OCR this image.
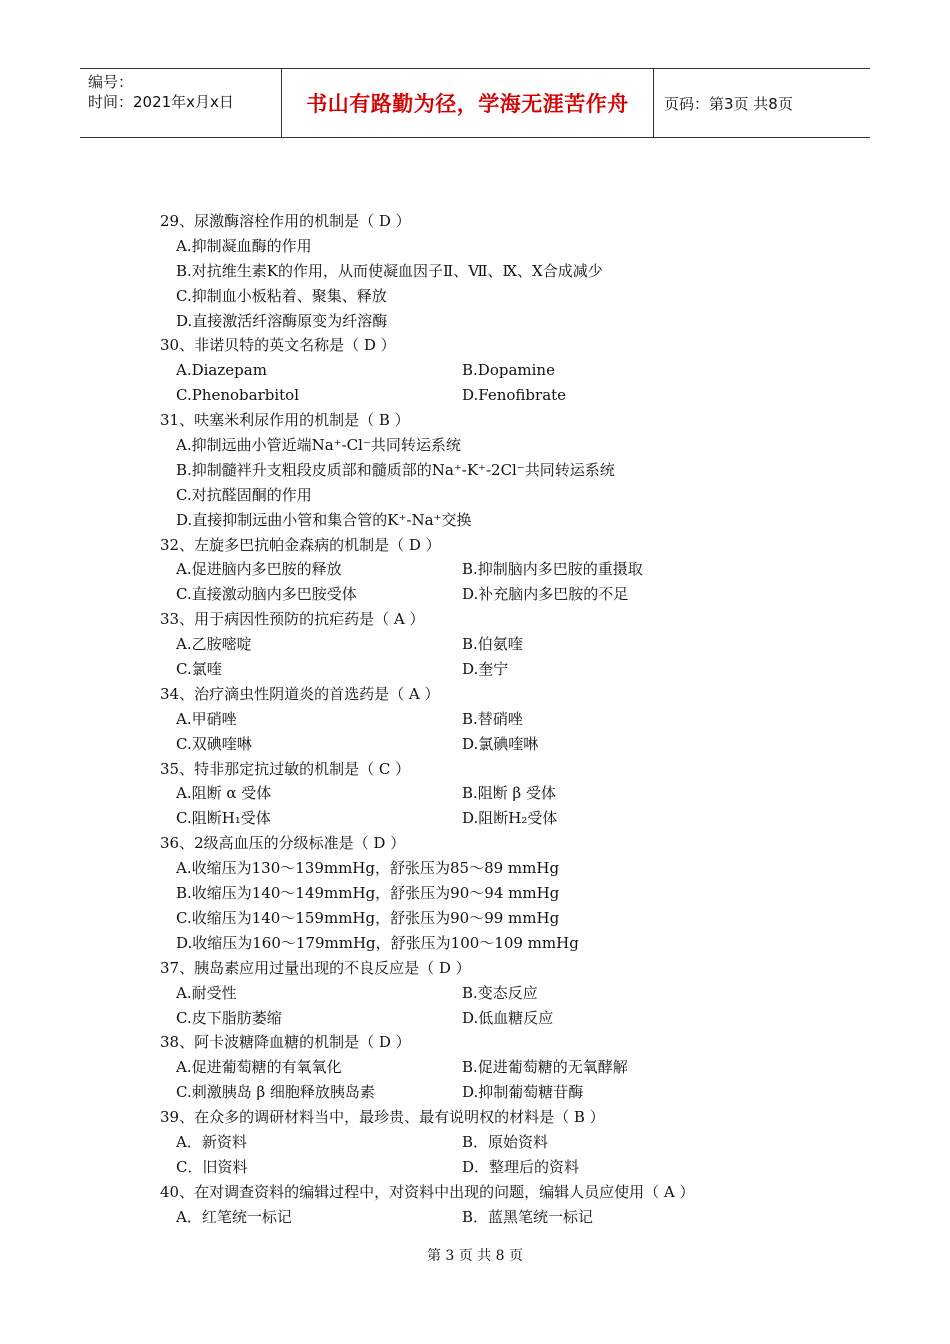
编号：
时间：2021年x月x日	书山有路勤为径，学海无涯苦作舟 页码：第3页 共8页
29、尿激酶溶栓作用的机制是（ D ）
A.抑制凝血酶的作用
B.对抗维生素K的作用，从而使凝血因子Ⅱ、Ⅶ、Ⅸ、Ⅹ合成减少
C.抑制血小板粘着、聚集、释放
D.直接激活纤溶酶原变为纤溶酶
30、非诺贝特的英文名称是（ D ）
A.Diazepam	B.Dopamine
C.Phenobarbitol	D.Fenofibrate
31、呋塞米利尿作用的机制是（ B ）
A.抑制远曲小管近端Na⁺-Cl⁻共同转运系统
B.抑制髓袢升支粗段皮质部和髓质部的Na⁺-K⁺-2Cl⁻共同转运系统
C.对抗醛固酮的作用
D.直接抑制远曲小管和集合管的K⁺-Na⁺交换
32、左旋多巴抗帕金森病的机制是（ D ）
A.促进脑内多巴胺的释放	B.抑制脑内多巴胺的重摄取
C.直接激动脑内多巴胺受体	D.补充脑内多巴胺的不足
33、用于病因性预防的抗疟药是（ A ）
A.乙胺嘧啶	B.伯氨喹
C.氯喹	D.奎宁
34、治疗滴虫性阴道炎的首选药是（ A ）
A.甲硝唑	B.替硝唑
C.双碘喹啉	D.氯碘喹啉
35、特非那定抗过敏的机制是（ C ）
A.阻断 α 受体	B.阻断 β 受体
C.阻断H₁受体	D.阻断H₂受体
36、2级高血压的分级标准是（ D ）
A.收缩压为130～139mmHg，舒张压为85～89 mmHg
B.收缩压为140～149mmHg，舒张压为90～94 mmHg
C.收缩压为140～159mmHg，舒张压为90～99 mmHg
D.收缩压为160～179mmHg，舒张压为100～109 mmHg
37、胰岛素应用过量出现的不良反应是（ D ）
A.耐受性	B.变态反应
C.皮下脂肪萎缩	D.低血糖反应
38、阿卡波糖降血糖的机制是（ D ）
A.促进葡萄糖的有氧氧化	B.促进葡萄糖的无氧酵解
C.刺激胰岛 β 细胞释放胰岛素	D.抑制葡萄糖苷酶
39、在众多的调研材料当中，最珍贵、最有说明权的材料是（ B ）
A．新资料	B．原始资料
C．旧资料	D．整理后的资料
40、在对调查资料的编辑过程中，对资料中出现的问题，编辑人员应使用（ A ）
A．红笔统一标记	B．蓝黑笔统一标记
第 3 页 共 8 页
